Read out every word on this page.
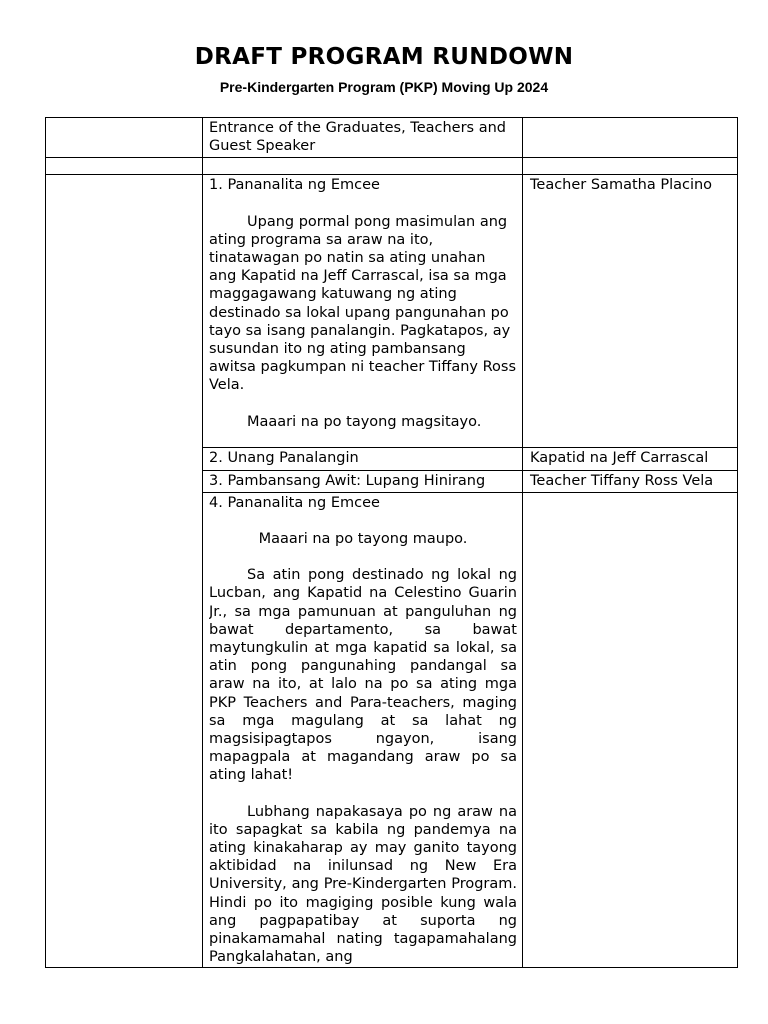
DRAFT PROGRAM RUNDOWN
Pre-Kindergarten Program (PKP) Moving Up 2024
	Entrance of the Graduates, Teachers and Guest Speaker	

	1. Pananalita ng Emcee

Upang pormal pong masimulan ang ating programa sa araw na ito, tinatawagan po natin sa ating unahan ang Kapatid na Jeff Carrascal, isa sa mga maggagawang katuwang ng ating destinado sa lokal upang pangunahan po tayo sa isang panalangin. Pagkatapos, ay susundan ito ng ating pambansang awitsa pagkumpan ni teacher Tiffany Ross Vela.

Maaari na po tayong magsitayo.	Teacher Samatha Placino
	2. Unang Panalangin	Kapatid na Jeff Carrascal
	3. Pambansang Awit: Lupang Hinirang	Teacher Tiffany Ross Vela

	4. Pananalita ng Emcee

Maaari na po tayong maupo.

Sa atin pong destinado ng lokal ng Lucban, ang Kapatid na Celestino Guarin Jr., sa mga pamunuan at panguluhan ng bawat departamento, sa bawat maytungkulin at mga kapatid sa lokal, sa atin pong pangunahing pandangal sa araw na ito, at lalo na po sa ating mga PKP Teachers and Para-teachers, maging sa mga magulang at sa lahat ng magsisipagtapos ngayon, isang mapagpala at magandang araw po sa ating lahat!

Lubhang napakasaya po ng araw na ito sapagkat sa kabila ng pandemya na ating kinakaharap ay may ganito tayong aktibidad na inilunsad ng New Era University, ang Pre-Kindergarten Program. Hindi po ito magiging posible kung wala ang pagpapatibay at suporta ng pinakamamahal nating tagapamahalang Pangkalahatan, ang	
